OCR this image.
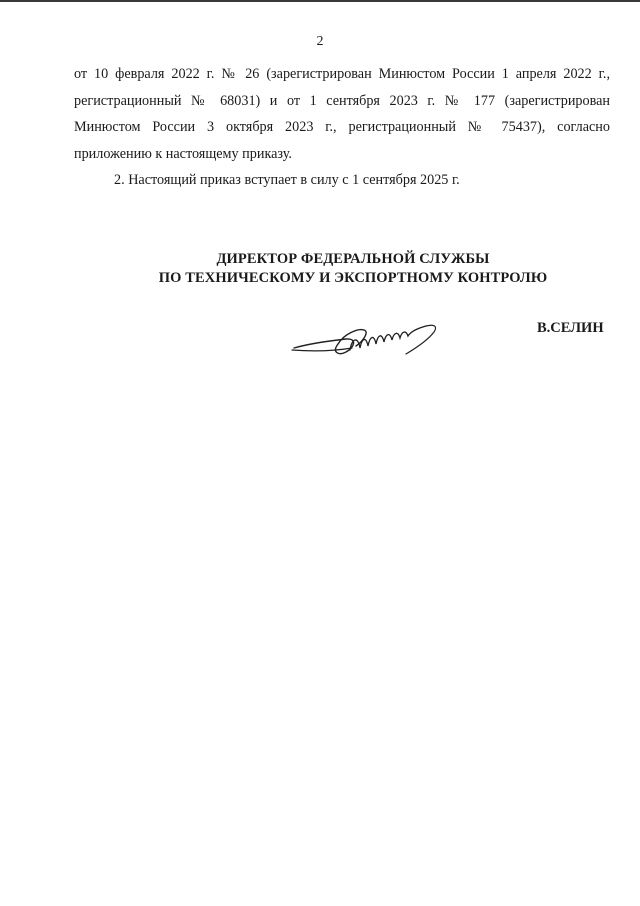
2

от 10 февраля 2022 г. № 26 (зарегистрирован Минюстом России 1 апреля 2022 г.,

регистрационный № 68031) и от 1 сентября 2023 г. № 177 (зарегистрирован

Минюстом России 3 октября 2023 г., регистрационный № 75437), согласно

приложению к настоящему приказу.

2. Настоящий приказ вступает в силу с 1 сентября 2025 г.

ДИРЕКТОР ФЕДЕРАЛЬНОЙ СЛУЖБЫ
ПО ТЕХНИЧЕСКОМУ И ЭКСПОРТНОМУ КОНТРОЛЮ
В.СЕЛИН
